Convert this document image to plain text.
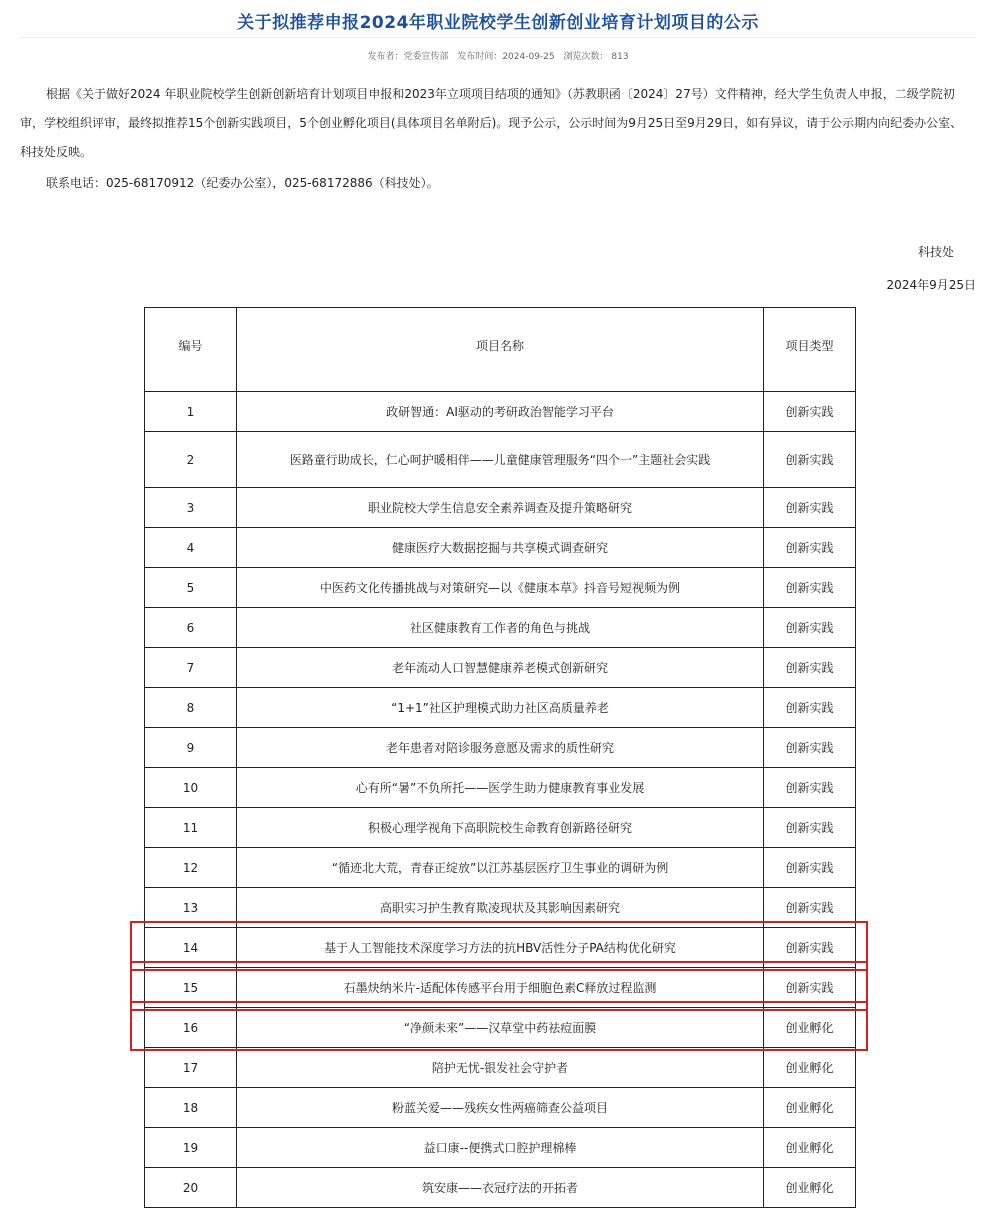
关于拟推荐申报2024年职业院校学生创新创业培育计划项目的公示
发布者：党委宣传部 发布时间：2024-09-25 浏览次数： 813
根据《关于做好2024 年职业院校学生创新创新培育计划项目申报和2023年立项项目结项的通知》（苏教职函〔2024〕27号）文件精神，经大学生负责人申报，二级学院初审，学校组织评审，最终拟推荐15个创新实践项目，5个创业孵化项目(具体项目名单附后)。现予公示，公示时间为9月25日至9月29日，如有异议，请于公示期内向纪委办公室、科技处反映。
联系电话：025-68170912（纪委办公室），025-68172886（科技处）。
科技处
2024年9月25日
编号	项目名称	项目类型
1	政研智通：AI驱动的考研政治智能学习平台	创新实践
2	医路童行助成长，仁心呵护暖相伴——儿童健康管理服务“四个一”主题社会实践	创新实践
3	职业院校大学生信息安全素养调查及提升策略研究	创新实践
4	健康医疗大数据挖掘与共享模式调查研究	创新实践
5	中医药文化传播挑战与对策研究—以《健康本草》抖音号短视频为例	创新实践
6	社区健康教育工作者的角色与挑战	创新实践
7	老年流动人口智慧健康养老模式创新研究	创新实践
8	“1+1”社区护理模式助力社区高质量养老	创新实践
9	老年患者对陪诊服务意愿及需求的质性研究	创新实践
10	心有所“暑”不负所托——医学生助力健康教育事业发展	创新实践
11	积极心理学视角下高职院校生命教育创新路径研究	创新实践
12	“循迹北大荒，青春正绽放”以江苏基层医疗卫生事业的调研为例	创新实践
13	高职实习护生教育欺凌现状及其影响因素研究	创新实践
14	基于人工智能技术深度学习方法的抗HBV活性分子PA结构优化研究	创新实践
15	石墨炔纳米片-适配体传感平台用于细胞色素C释放过程监测	创新实践
16	“净颜未来”——汉草堂中药祛痘面膜	创业孵化
17	陪护无忧-银发社会守护者	创业孵化
18	粉蓝关爱——残疾女性两癌筛查公益项目	创业孵化
19	益口康--便携式口腔护理棉棒	创业孵化
20	筑安康——衣冠疗法的开拓者	创业孵化
